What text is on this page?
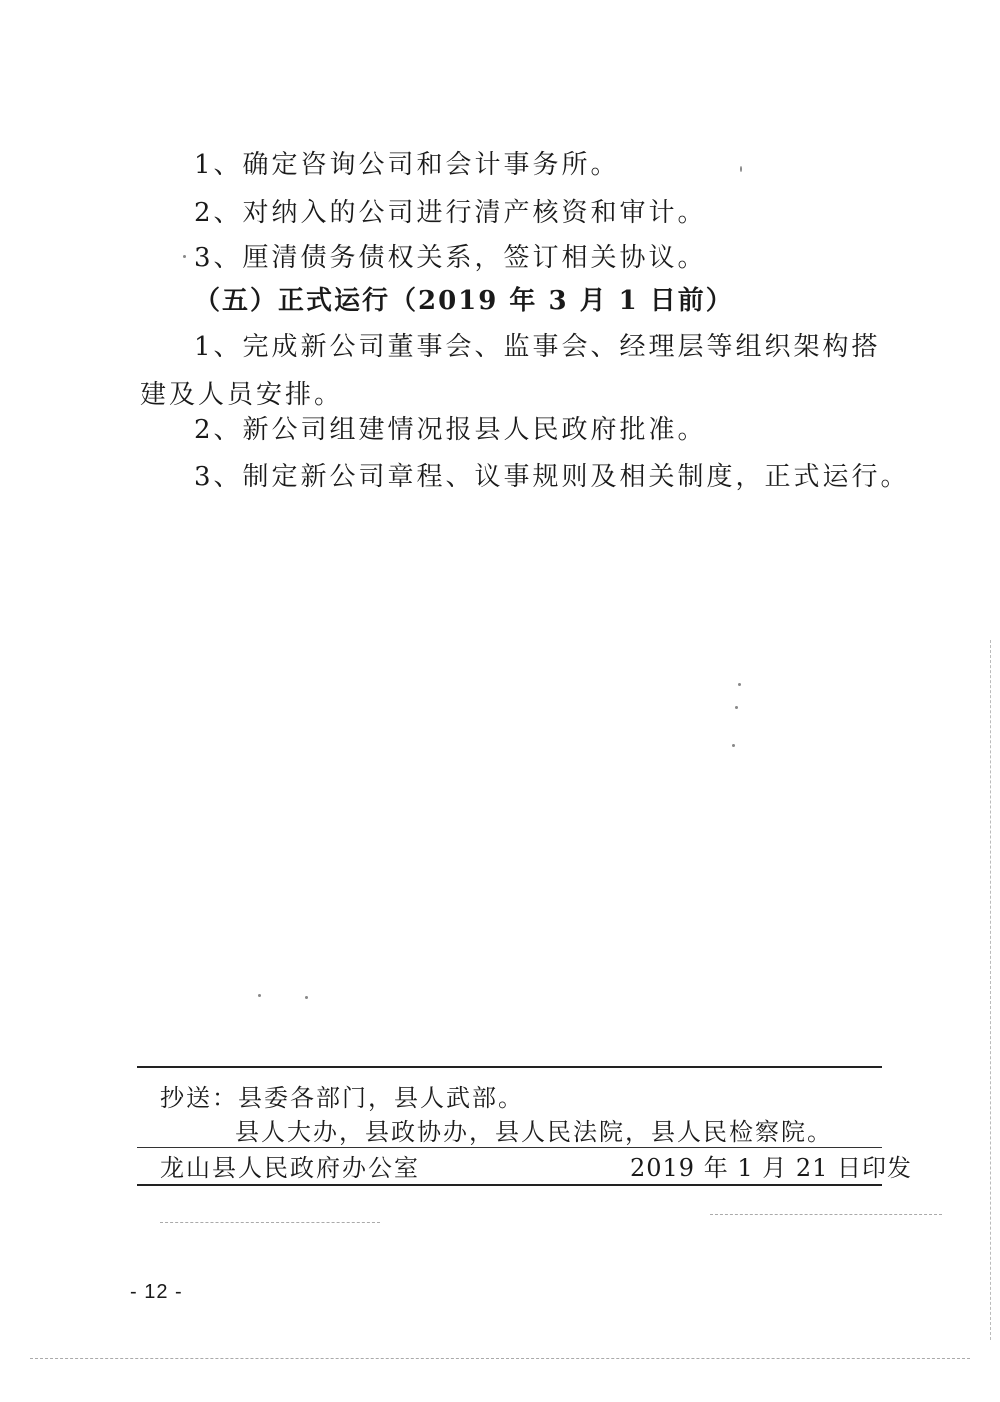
1、确定咨询公司和会计事务所。

2、对纳入的公司进行清产核资和审计。

3、厘清债务债权关系，签订相关协议。

（五）正式运行（2019 年 3 月 1 日前）

1、完成新公司董事会、监事会、经理层等组织架构搭建及人员安排。

2、新公司组建情况报县人民政府批准。

3、制定新公司章程、议事规则及相关制度，正式运行。

抄送：县委各部门，县人武部。
县人大办，县政协办，县人民法院，县人民检察院。
龙山县人民政府办公室	2019 年 1 月 21 日印发
- 12 -
